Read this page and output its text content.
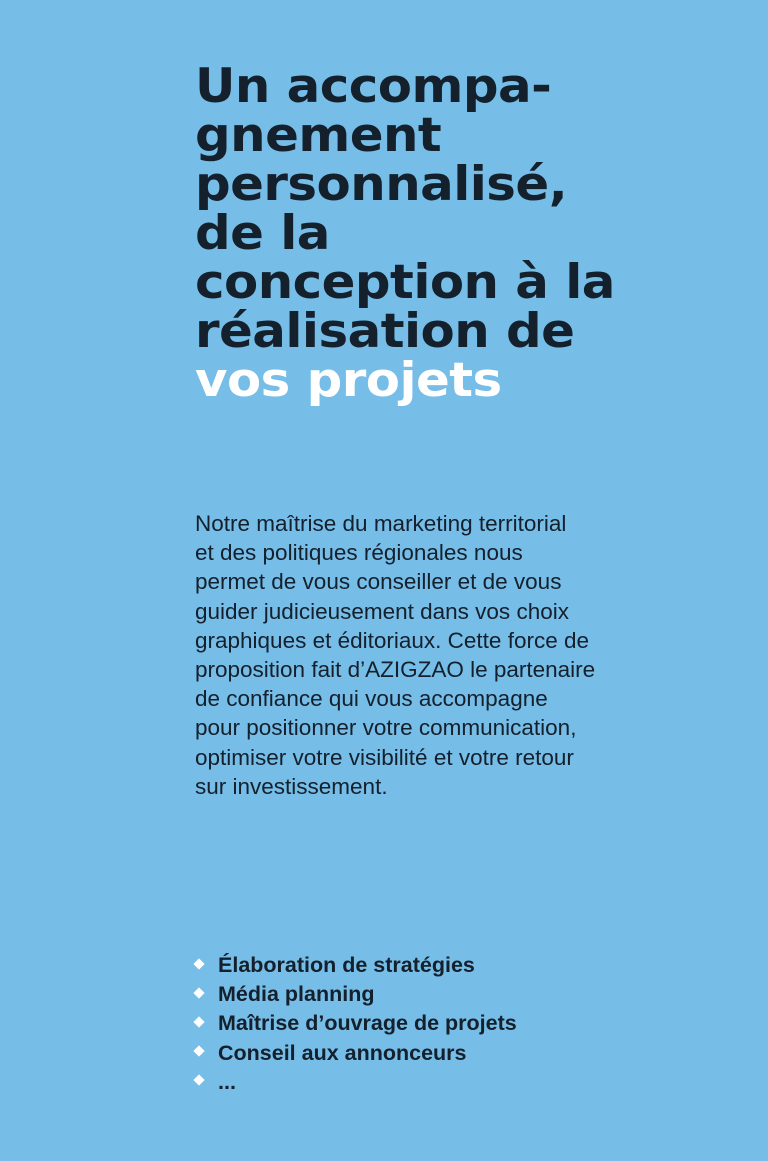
Un accompa-
gnement
personnalisé,
de la
conception à la
réalisation de
vos projets

Notre maîtrise du marketing territorial
et des politiques régionales nous
permet de vous conseiller et de vous
guider judicieusement dans vos choix
graphiques et éditoriaux. Cette force de
proposition fait d’AZIGZAO le partenaire
de confiance qui vous accompagne
pour positionner votre communication,
optimiser votre visibilité et votre retour
sur investissement.

Élaboration de stratégies
Média planning
Maîtrise d’ouvrage de projets
Conseil aux annonceurs
...
